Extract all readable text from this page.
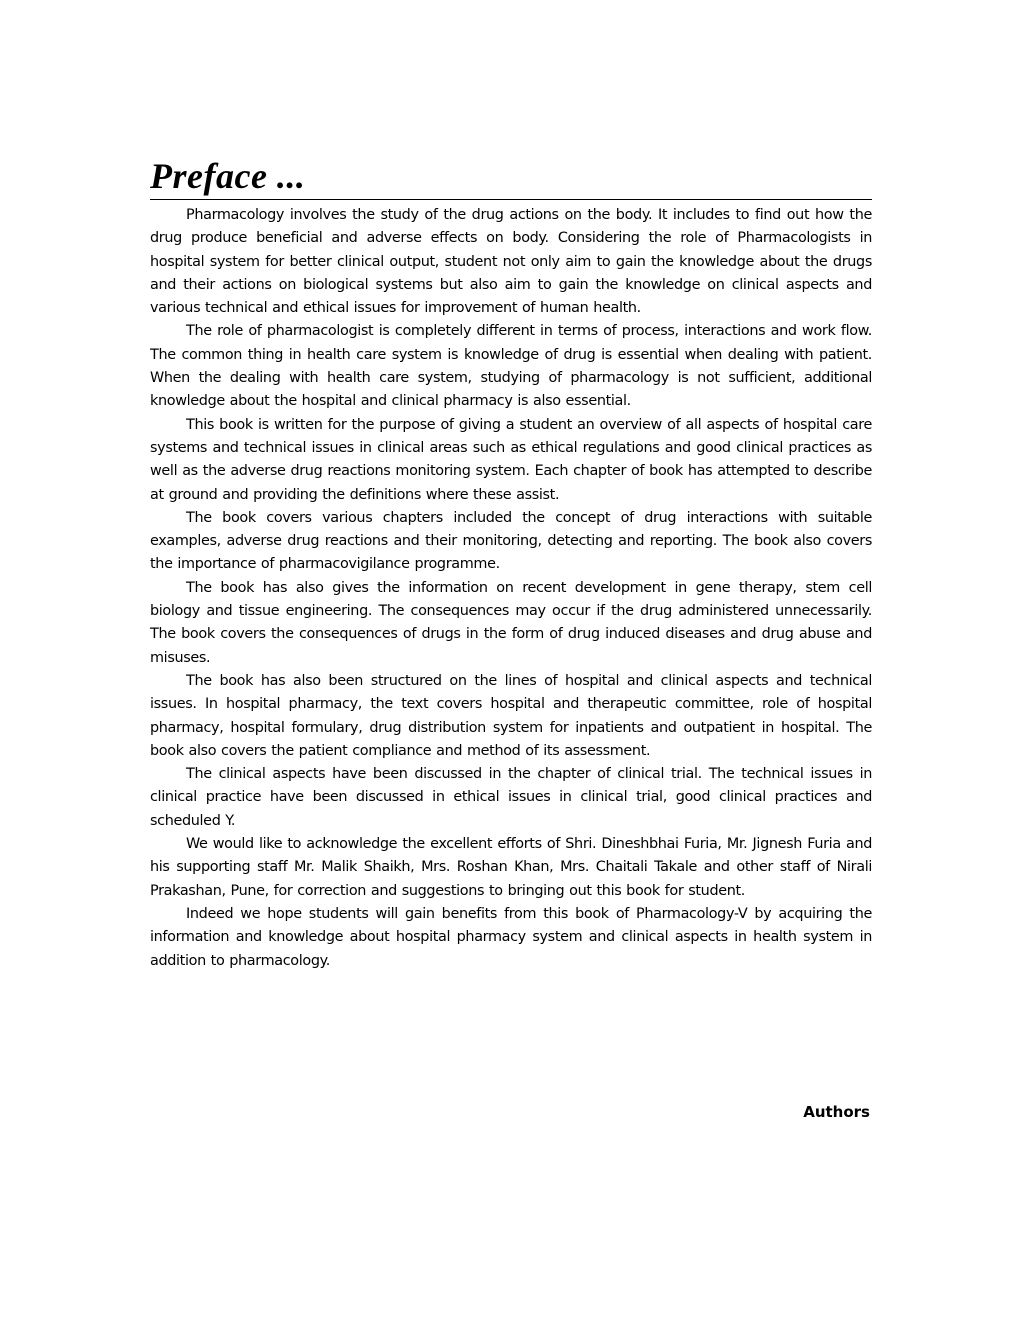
Preface ...

Pharmacology involves the study of the drug actions on the body. It includes to find out how the drug produce beneficial and adverse effects on body. Considering the role of Pharmacologists in hospital system for better clinical output, student not only aim to gain the knowledge about the drugs and their actions on biological systems but also aim to gain the knowledge on clinical aspects and various technical and ethical issues for improvement of human health.

The role of pharmacologist is completely different in terms of process, interactions and work flow. The common thing in health care system is knowledge of drug is essential when dealing with patient. When the dealing with health care system, studying of pharmacology is not sufficient, additional knowledge about the hospital and clinical pharmacy is also essential.

This book is written for the purpose of giving a student an overview of all aspects of hospital care systems and technical issues in clinical areas such as ethical regulations and good clinical practices as well as the adverse drug reactions monitoring system. Each chapter of book has attempted to describe at ground and providing the definitions where these assist.

The book covers various chapters included the concept of drug interactions with suitable examples, adverse drug reactions and their monitoring, detecting and reporting. The book also covers the importance of pharmacovigilance programme.

The book has also gives the information on recent development in gene therapy, stem cell biology and tissue engineering. The consequences may occur if the drug administered unnecessarily. The book covers the consequences of drugs in the form of drug induced diseases and drug abuse and misuses.

The book has also been structured on the lines of hospital and clinical aspects and technical issues. In hospital pharmacy, the text covers hospital and therapeutic committee, role of hospital pharmacy, hospital formulary, drug distribution system for inpatients and outpatient in hospital. The book also covers the patient compliance and method of its assessment.

The clinical aspects have been discussed in the chapter of clinical trial. The technical issues in clinical practice have been discussed in ethical issues in clinical trial, good clinical practices and scheduled Y.

We would like to acknowledge the excellent efforts of Shri. Dineshbhai Furia, Mr. Jignesh Furia and his supporting staff Mr. Malik Shaikh, Mrs. Roshan Khan, Mrs. Chaitali Takale and other staff of Nirali Prakashan, Pune, for correction and suggestions to bringing out this book for student.

Indeed we hope students will gain benefits from this book of Pharmacology-V by acquiring the information and knowledge about hospital pharmacy system and clinical aspects in health system in addition to pharmacology.

Authors
